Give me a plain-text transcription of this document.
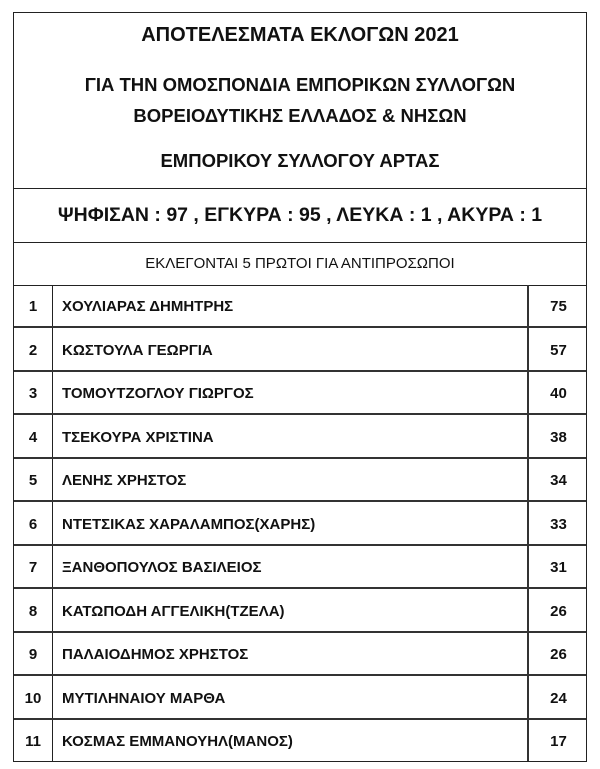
ΑΠΟΤΕΛΕΣΜΑΤΑ ΕΚΛΟΓΩΝ 2021
ΓΙΑ ΤΗΝ ΟΜΟΣΠΟΝΔΙΑ ΕΜΠΟΡΙΚΩΝ ΣΥΛΛΟΓΩΝ
ΒΟΡΕΙΟΔΥΤΙΚΗΣ ΕΛΛΑΔΟΣ & ΝΗΣΩΝ
ΕΜΠΟΡΙΚΟΥ ΣΥΛΛΟΓΟΥ ΑΡΤΑΣ
ΨΗΦΙΣΑΝ : 97 , ΕΓΚΥΡΑ : 95 , ΛΕΥΚΑ : 1 , ΑΚΥΡΑ : 1
ΕΚΛΕΓΟΝΤΑΙ 5 ΠΡΩΤΟΙ ΓΙΑ ΑΝΤΙΠΡΟΣΩΠΟΙ
1	ΧΟΥΛΙΑΡΑΣ ΔΗΜΗΤΡΗΣ	75
2	ΚΩΣΤΟΥΛΑ ΓΕΩΡΓΙΑ	57
3	ΤΟΜΟΥΤΖΟΓΛΟΥ ΓΙΩΡΓΟΣ	40
4	ΤΣΕΚΟΥΡΑ ΧΡΙΣΤΙΝΑ	38
5	ΛΕΝΗΣ ΧΡΗΣΤΟΣ	34
6	ΝΤΕΤΣΙΚΑΣ ΧΑΡΑΛΑΜΠΟΣ(ΧΑΡΗΣ)	33
7	ΞΑΝΘΟΠΟΥΛΟΣ ΒΑΣΙΛΕΙΟΣ	31
8	ΚΑΤΩΠΟΔΗ ΑΓΓΕΛΙΚΗ(ΤΖΕΛΑ)	26
9	ΠΑΛΑΙΟΔΗΜΟΣ ΧΡΗΣΤΟΣ	26
10	ΜΥΤΙΛΗΝΑΙΟΥ ΜΑΡΘΑ	24
11	ΚΟΣΜΑΣ ΕΜΜΑΝΟΥΗΛ(ΜΑΝΟΣ)	17
